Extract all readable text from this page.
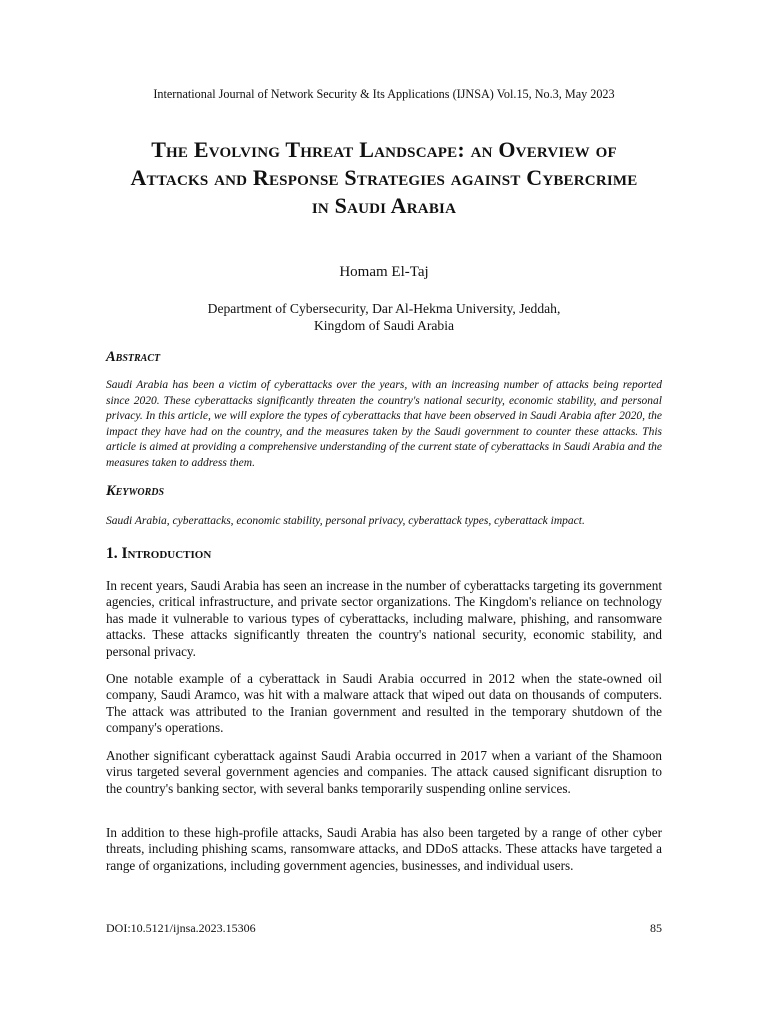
International Journal of Network Security & Its Applications (IJNSA) Vol.15, No.3, May 2023
The Evolving Threat Landscape: an Overview of Attacks and Response Strategies against Cybercrime in Saudi Arabia
Homam El-Taj
Department of Cybersecurity, Dar Al-Hekma University, Jeddah,
Kingdom of Saudi Arabia
Abstract
Saudi Arabia has been a victim of cyberattacks over the years, with an increasing number of attacks being reported since 2020. These cyberattacks significantly threaten the country's national security, economic stability, and personal privacy. In this article, we will explore the types of cyberattacks that have been observed in Saudi Arabia after 2020, the impact they have had on the country, and the measures taken by the Saudi government to counter these attacks. This article is aimed at providing a comprehensive understanding of the current state of cyberattacks in Saudi Arabia and the measures taken to address them.
Keywords
Saudi Arabia, cyberattacks, economic stability, personal privacy, cyberattack types, cyberattack impact.
1. Introduction
In recent years, Saudi Arabia has seen an increase in the number of cyberattacks targeting its government agencies, critical infrastructure, and private sector organizations. The Kingdom's reliance on technology has made it vulnerable to various types of cyberattacks, including malware, phishing, and ransomware attacks. These attacks significantly threaten the country's national security, economic stability, and personal privacy.
One notable example of a cyberattack in Saudi Arabia occurred in 2012 when the state-owned oil company, Saudi Aramco, was hit with a malware attack that wiped out data on thousands of computers. The attack was attributed to the Iranian government and resulted in the temporary shutdown of the company's operations.
Another significant cyberattack against Saudi Arabia occurred in 2017 when a variant of the Shamoon virus targeted several government agencies and companies. The attack caused significant disruption to the country's banking sector, with several banks temporarily suspending online services.
In addition to these high-profile attacks, Saudi Arabia has also been targeted by a range of other cyber threats, including phishing scams, ransomware attacks, and DDoS attacks. These attacks have targeted a range of organizations, including government agencies, businesses, and individual users.
DOI:10.5121/ijnsa.2023.15306	85
